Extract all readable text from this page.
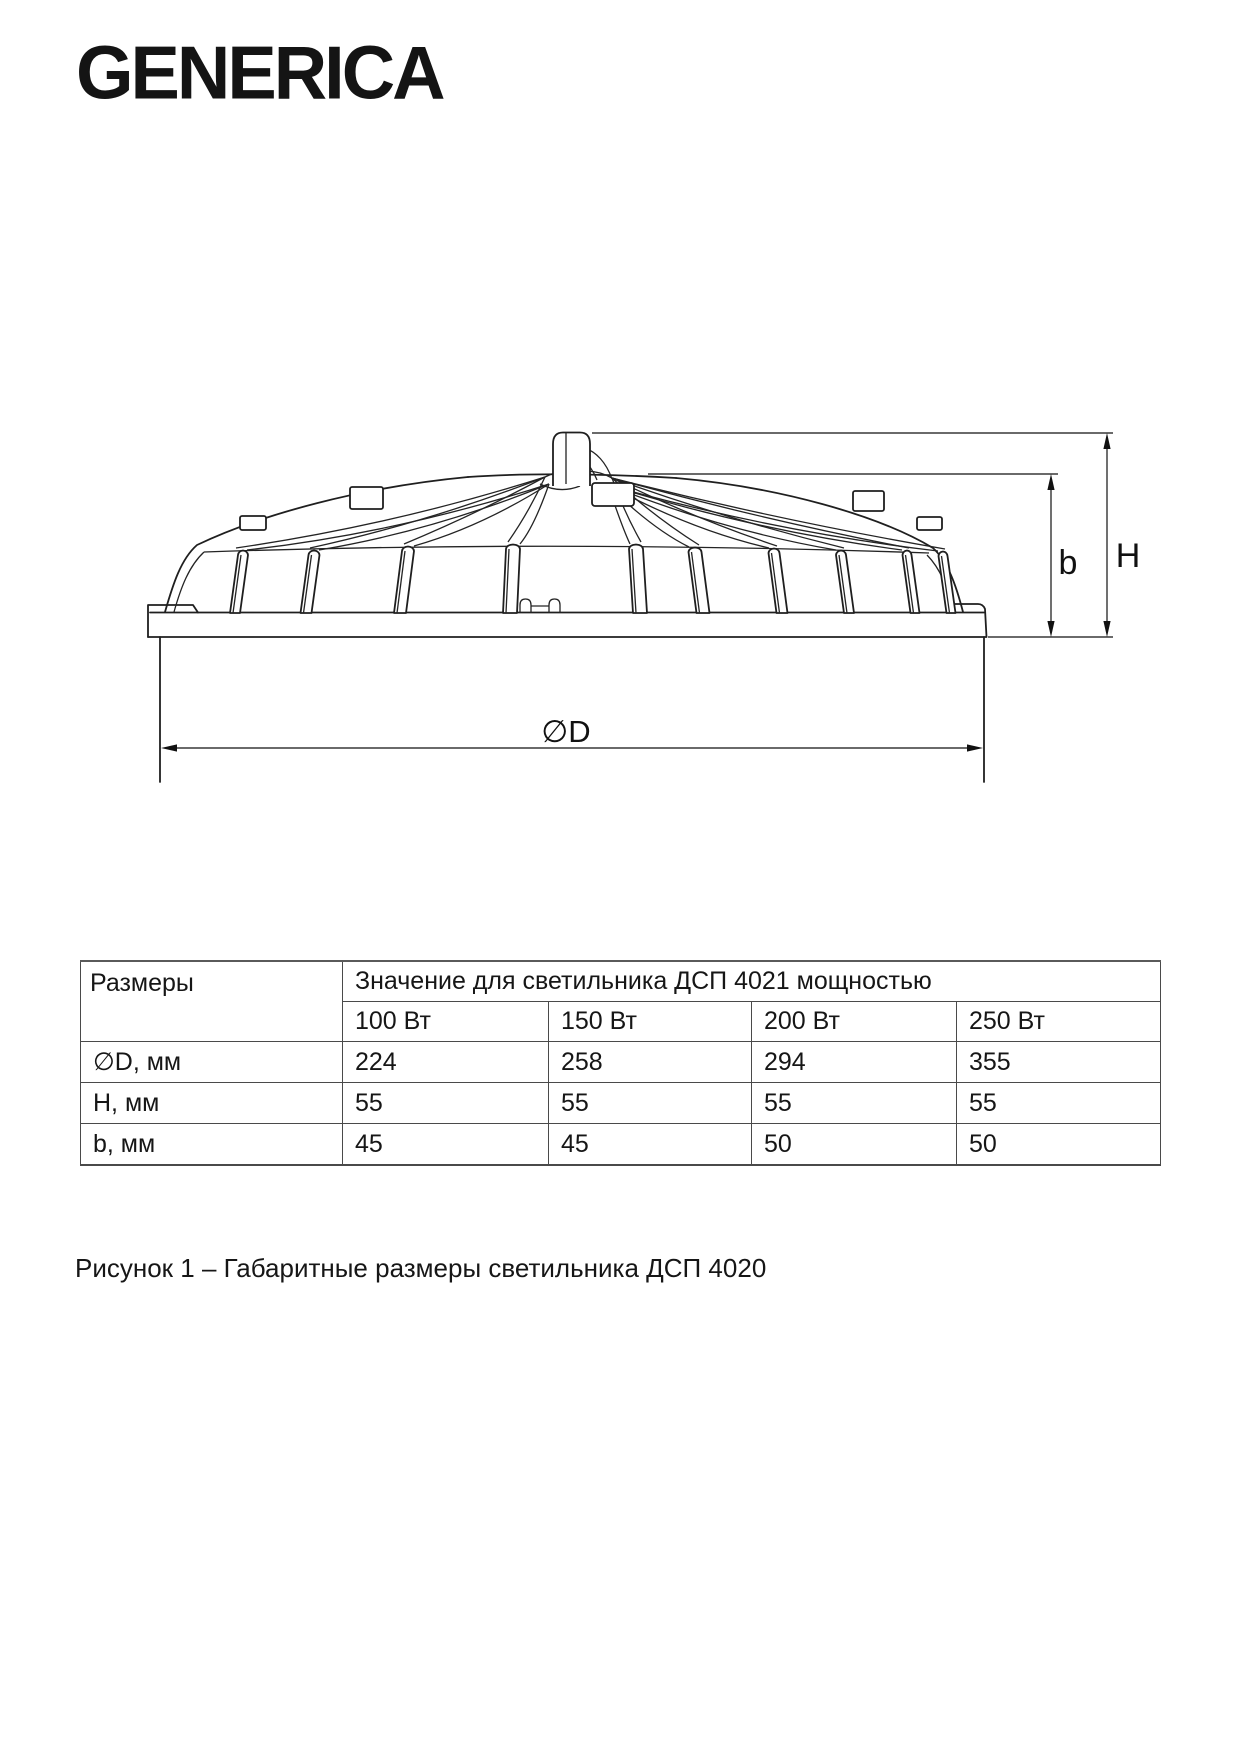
GENERICA
b H
∅D
Размеры	Значение для светильника ДСП 4021 мощностью			
	100 Вт	150 Вт	200 Вт	250 Вт
∅D, мм	224	258	294	355
H, мм	55	55	55	55
b, мм	45	45	50	50
Рисунок 1 – Габаритные размеры светильника ДСП 4020
